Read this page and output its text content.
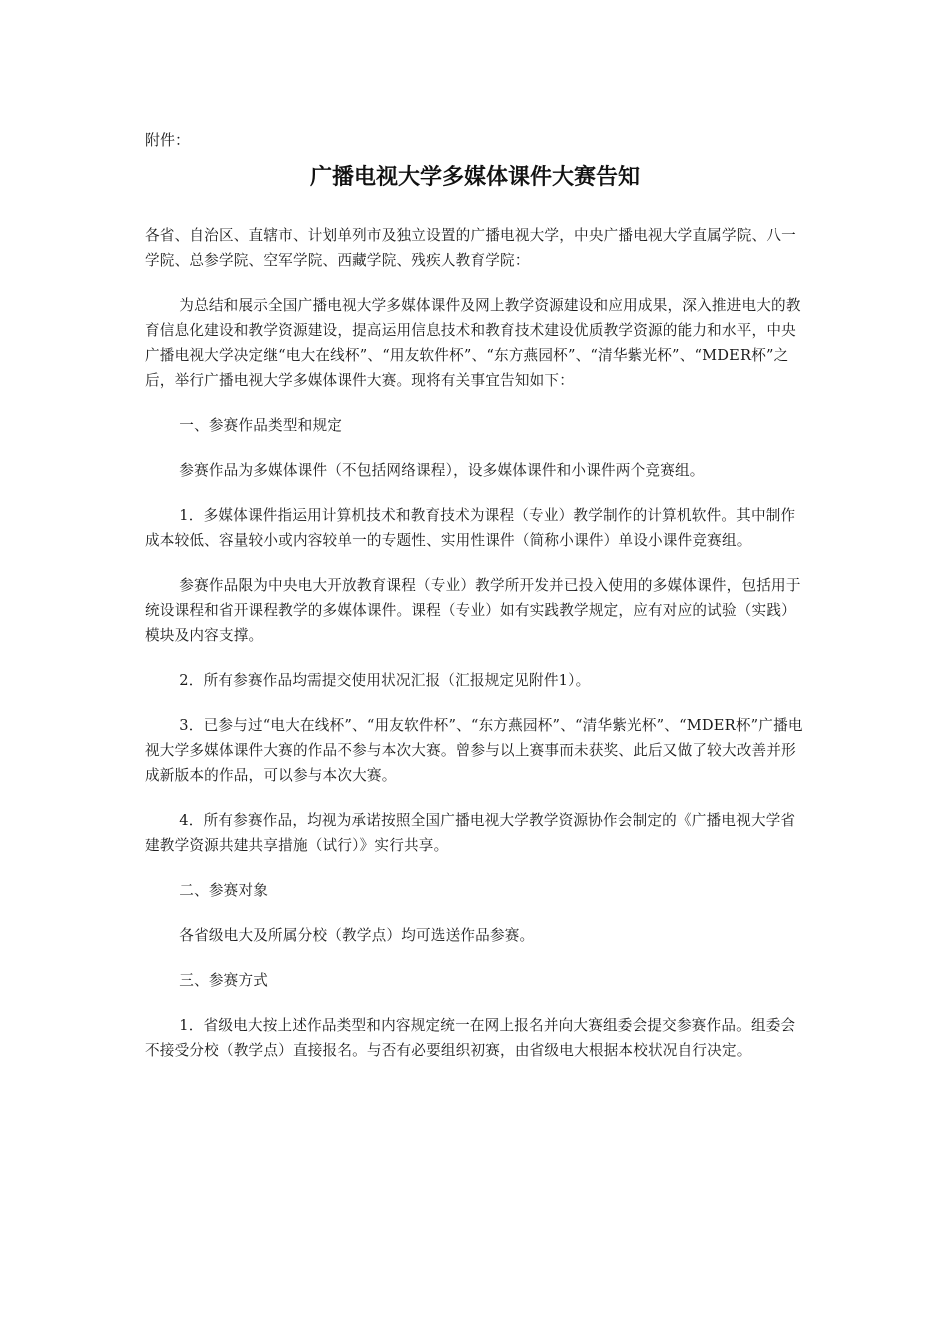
附件：

广播电视大学多媒体课件大赛告知

各省、自治区、直辖市、计划单列市及独立设置的广播电视大学，中央广播电视大学直属学院、八一学院、总参学院、空军学院、西藏学院、残疾人教育学院：

为总结和展示全国广播电视大学多媒体课件及网上教学资源建设和应用成果，深入推进电大的教育信息化建设和教学资源建设，提高运用信息技术和教育技术建设优质教学资源的能力和水平，中央广播电视大学决定继“电大在线杯”、“用友软件杯”、“东方燕园杯”、“清华紫光杯”、“MDER杯”之后，举行广播电视大学多媒体课件大赛。现将有关事宜告知如下：

一、参赛作品类型和规定

参赛作品为多媒体课件（不包括网络课程），设多媒体课件和小课件两个竞赛组。

1．多媒体课件指运用计算机技术和教育技术为课程（专业）教学制作的计算机软件。其中制作成本较低、容量较小或内容较单一的专题性、实用性课件（简称小课件）单设小课件竞赛组。

参赛作品限为中央电大开放教育课程（专业）教学所开发并已投入使用的多媒体课件，包括用于统设课程和省开课程教学的多媒体课件。课程（专业）如有实践教学规定，应有对应的试验（实践）模块及内容支撑。

2．所有参赛作品均需提交使用状况汇报（汇报规定见附件1）。

3．已参与过“电大在线杯”、“用友软件杯”、“东方燕园杯”、“清华紫光杯”、“MDER杯”广播电视大学多媒体课件大赛的作品不参与本次大赛。曾参与以上赛事而未获奖、此后又做了较大改善并形成新版本的作品，可以参与本次大赛。

4．所有参赛作品，均视为承诺按照全国广播电视大学教学资源协作会制定的《广播电视大学省建教学资源共建共享措施（试行）》实行共享。

二、参赛对象

各省级电大及所属分校（教学点）均可选送作品参赛。

三、参赛方式

1．省级电大按上述作品类型和内容规定统一在网上报名并向大赛组委会提交参赛作品。组委会不接受分校（教学点）直接报名。与否有必要组织初赛，由省级电大根据本校状况自行决定。
